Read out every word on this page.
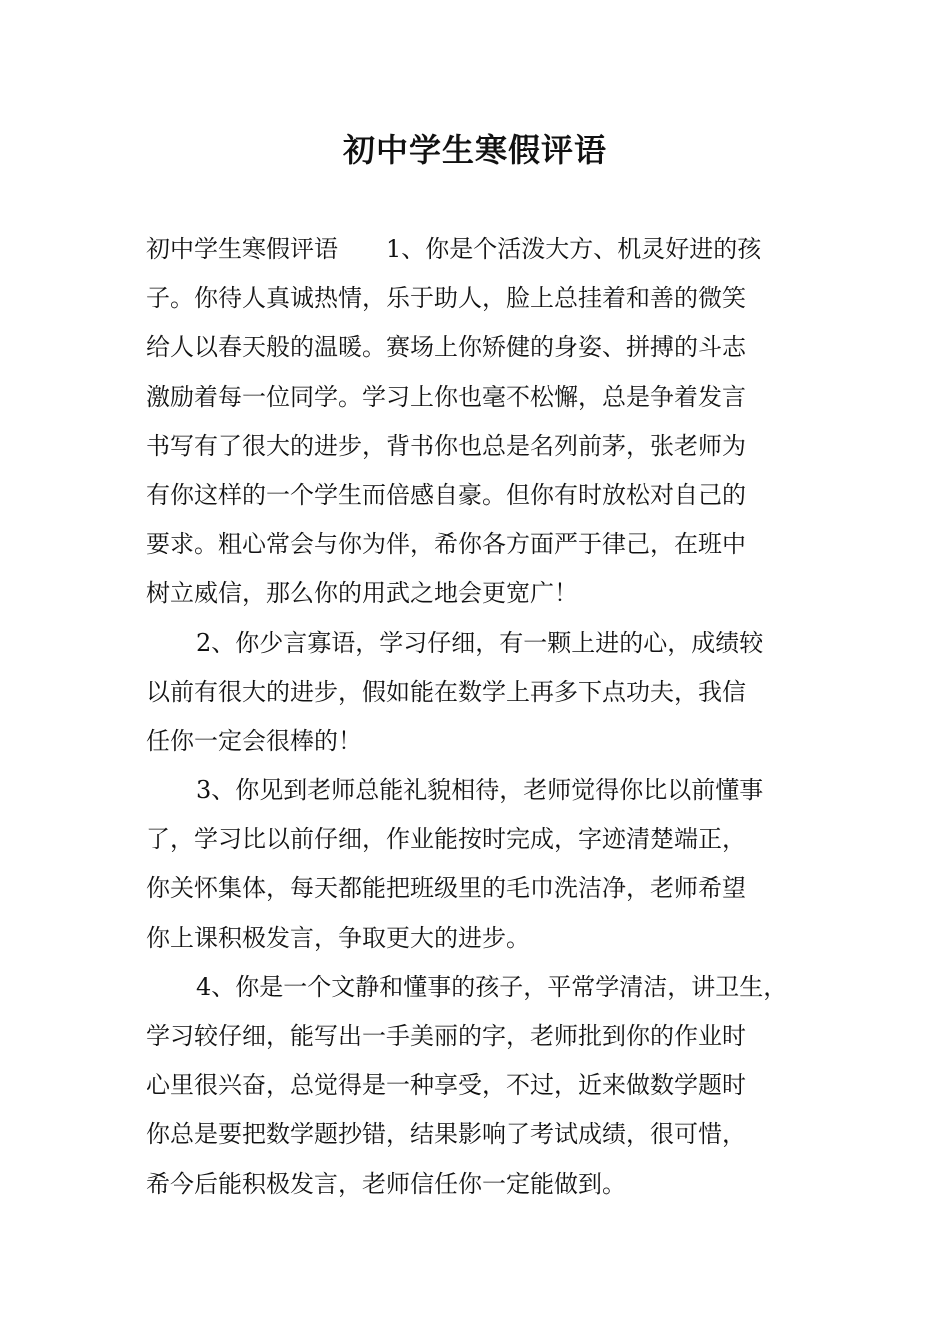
初中学生寒假评语
初中学生寒假评语 1、你是个活泼大方、机灵好进的孩
子。你待人真诚热情，乐于助人，脸上总挂着和善的微笑
给人以春天般的温暖。赛场上你矫健的身姿、拼搏的斗志
激励着每一位同学。学习上你也毫不松懈，总是争着发言
书写有了很大的进步，背书你也总是名列前茅，张老师为
有你这样的一个学生而倍感自豪。但你有时放松对自己的
要求。粗心常会与你为伴，希你各方面严于律己，在班中
树立威信，那么你的用武之地会更宽广！
2、你少言寡语，学习仔细，有一颗上进的心，成绩较
以前有很大的进步，假如能在数学上再多下点功夫，我信
任你一定会很棒的！
3、你见到老师总能礼貌相待，老师觉得你比以前懂事
了，学习比以前仔细，作业能按时完成，字迹清楚端正，
你关怀集体，每天都能把班级里的毛巾洗洁净，老师希望
你上课积极发言，争取更大的进步。
4、你是一个文静和懂事的孩子，平常学清洁，讲卫生，
学习较仔细，能写出一手美丽的字，老师批到你的作业时
心里很兴奋，总觉得是一种享受，不过，近来做数学题时
你总是要把数学题抄错，结果影响了考试成绩，很可惜，
希今后能积极发言，老师信任你一定能做到。
